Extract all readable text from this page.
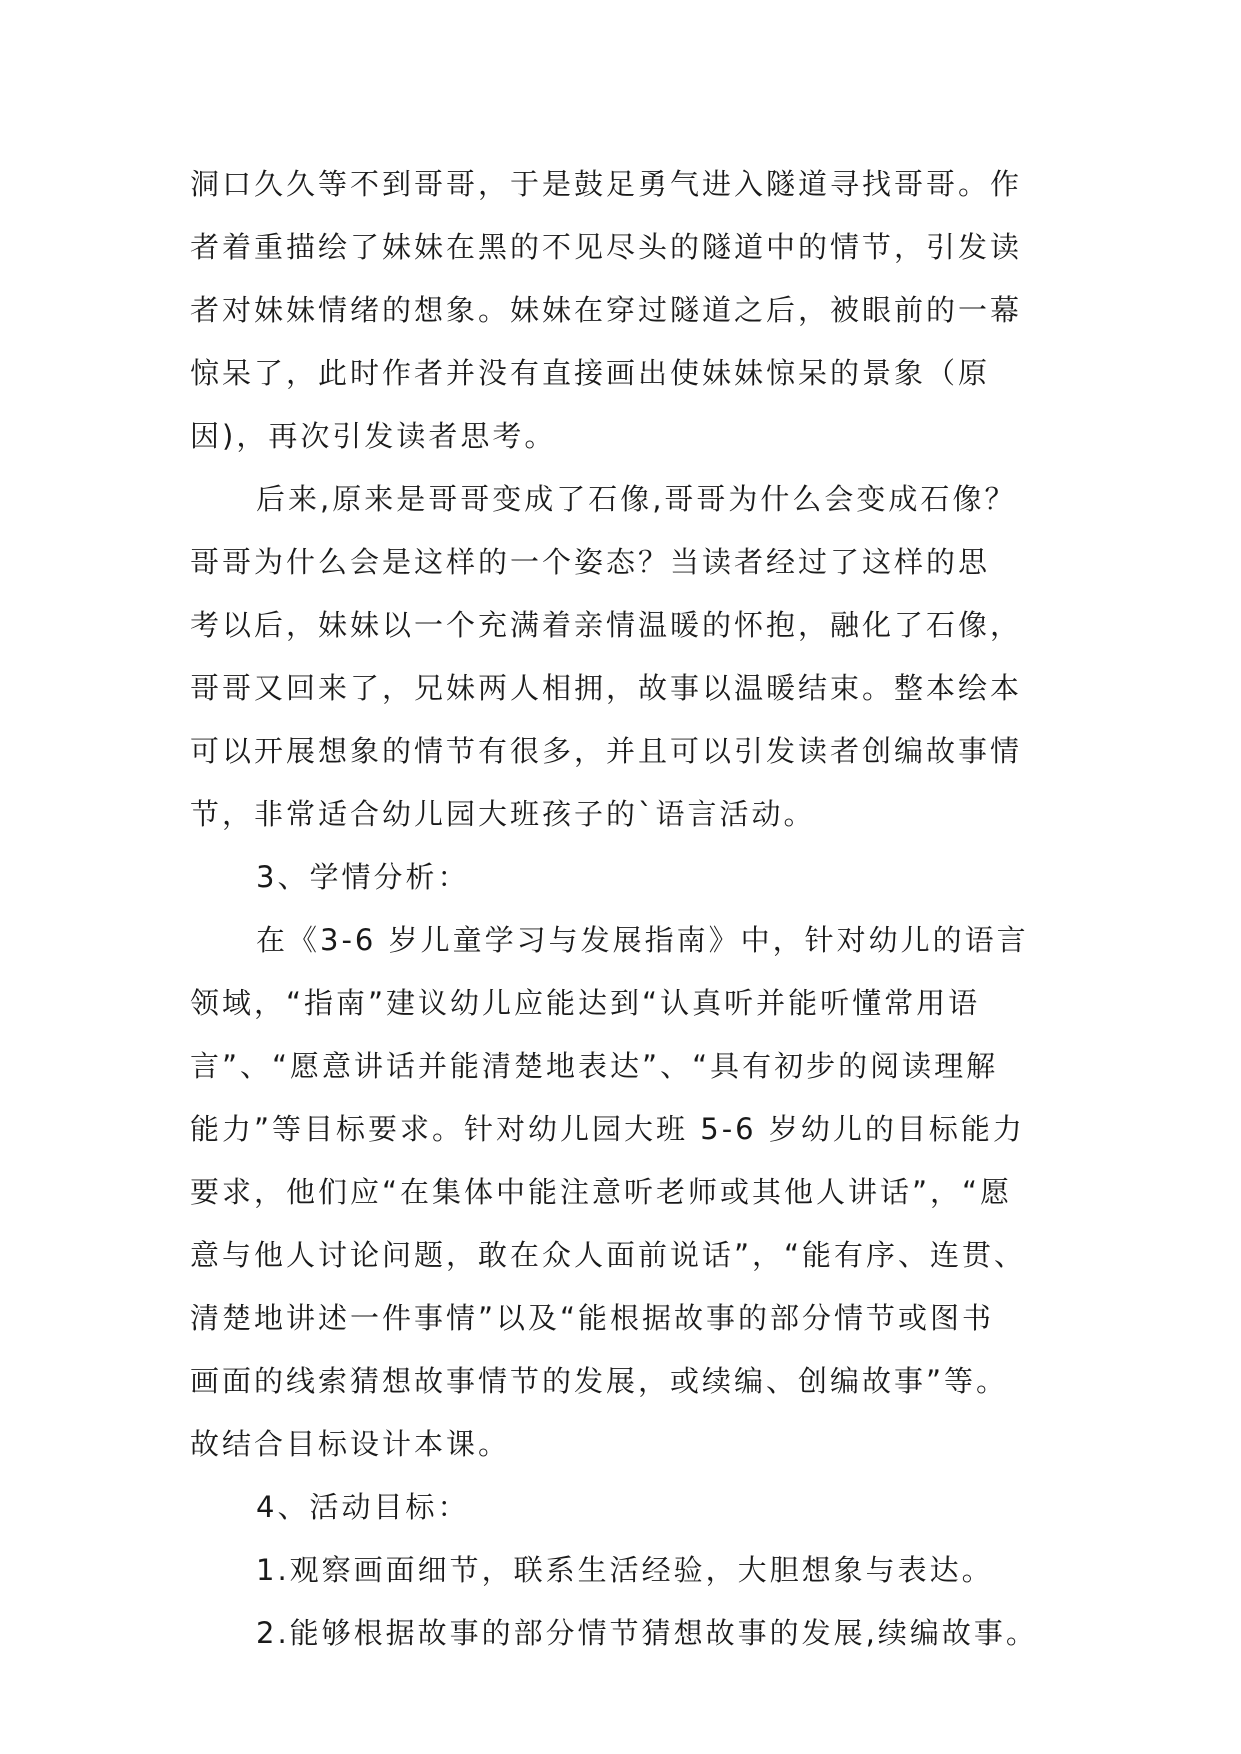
洞口久久等不到哥哥，于是鼓足勇气进入隧道寻找哥哥。作
者着重描绘了妹妹在黑的不见尽头的隧道中的情节，引发读
者对妹妹情绪的想象。妹妹在穿过隧道之后，被眼前的一幕
惊呆了，此时作者并没有直接画出使妹妹惊呆的景象（原
因)，再次引发读者思考。
后来,原来是哥哥变成了石像,哥哥为什么会变成石像？
哥哥为什么会是这样的一个姿态？当读者经过了这样的思
考以后，妹妹以一个充满着亲情温暖的怀抱，融化了石像，
哥哥又回来了，兄妹两人相拥，故事以温暖结束。整本绘本
可以开展想象的情节有很多，并且可以引发读者创编故事情
节，非常适合幼儿园大班孩子的`语言活动。
3、学情分析：
在《3-6 岁儿童学习与发展指南》中，针对幼儿的语言
领域，“指南”建议幼儿应能达到“认真听并能听懂常用语
言”、“愿意讲话并能清楚地表达”、“具有初步的阅读理解
能力”等目标要求。针对幼儿园大班 5-6 岁幼儿的目标能力
要求，他们应“在集体中能注意听老师或其他人讲话”，“愿
意与他人讨论问题，敢在众人面前说话”，“能有序、连贯、
清楚地讲述一件事情”以及“能根据故事的部分情节或图书
画面的线索猜想故事情节的发展，或续编、创编故事”等。
故结合目标设计本课。
4、活动目标：
1.观察画面细节，联系生活经验，大胆想象与表达。
2.能够根据故事的部分情节猜想故事的发展,续编故事。
